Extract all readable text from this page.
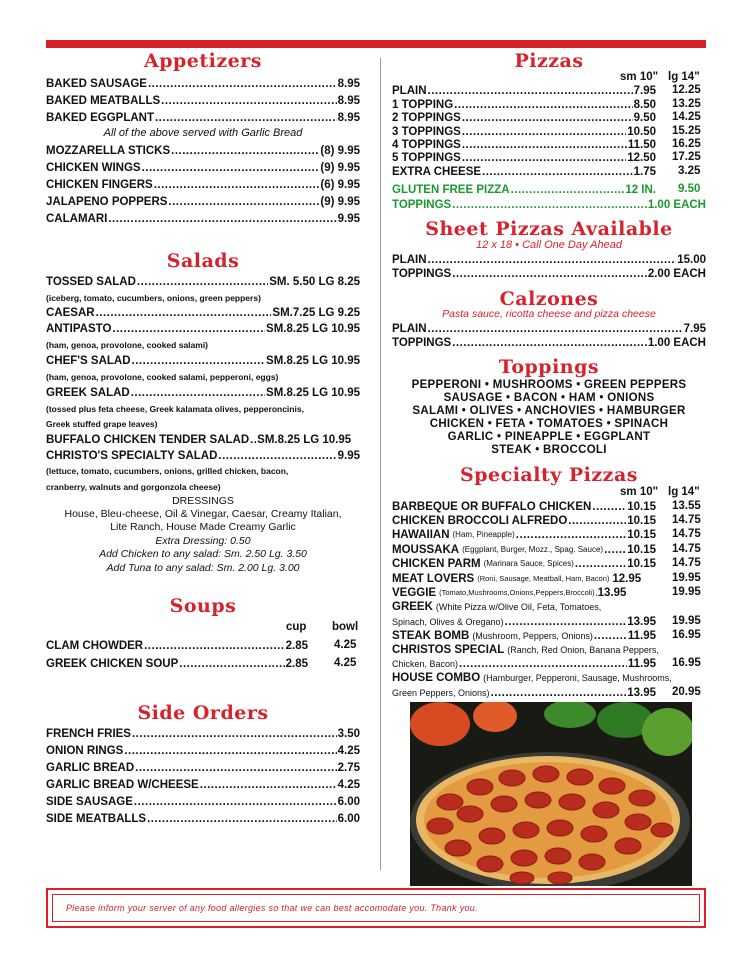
Appetizers
BAKED SAUSAGE .....	8.95
BAKED MEATBALLS .....	8.95
BAKED EGGPLANT .....	8.95
All of the above served with Garlic Bread
MOZZARELLA STICKS .....	(8) 9.95
CHICKEN WINGS .....	(9) 9.95
CHICKEN FINGERS .....	(6) 9.95
JALAPENO POPPERS .....	(9) 9.95
CALAMARI .....	9.95
Salads
TOSSED SALAD .....	SM. 5.50 LG 8.25
(iceberg, tomato, cucumbers, onions, green peppers)
CAESAR .....	SM.7.25 LG 9.25
ANTIPASTO .....	SM.8.25 LG 10.95
(ham, genoa, provolone, cooked salami)
CHEF'S SALAD .....	SM.8.25 LG 10.95
(ham, genoa, provolone, cooked salami, pepperoni, eggs)
GREEK SALAD .....	SM.8.25 LG 10.95
(tossed plus feta cheese, Greek kalamata olives, pepperoncinis,
Greek stuffed grape leaves)
BUFFALO CHICKEN TENDER SALAD ..... SM.8.25 LG 10.95
CHRISTO'S SPECIALTY SALAD .....	9.95
(lettuce, tomato, cucumbers, onions, grilled chicken, bacon,
cranberry, walnuts and gorgonzola cheese)
DRESSINGS
House, Bleu-cheese, Oil & Vinegar, Caesar, Creamy Italian,
Lite Ranch, House Made Creamy Garlic
Extra Dressing: 0.50
Add Chicken to any salad: Sm. 2.50 Lg. 3.50
Add Tuna to any salad: Sm. 2.00 Lg. 3.00
Soups
cup bowl
CLAM CHOWDER .....	2.85 4.25
GREEK CHICKEN SOUP .....	2.85 4.25
Side Orders
FRENCH FRIES .....	3.50
ONION RINGS .....	4.25
GARLIC BREAD .....	2.75
GARLIC BREAD W/CHEESE .....	4.25
SIDE SAUSAGE .....	6.00
SIDE MEATBALLS .....	6.00
Pizzas
sm 10" lg 14"
PLAIN .....	7.95 12.25
1 TOPPING .....	8.50 13.25
2 TOPPINGS .....	9.50 14.25
3 TOPPINGS .....	10.50 15.25
4 TOPPINGS .....	11.50 16.25
5 TOPPINGS .....	12.50 17.25
EXTRA CHEESE .....	1.75 3.25
GLUTEN FREE PIZZA .....	12 IN. 9.50
TOPPINGS .....	1.00 EACH
Sheet Pizzas Available
12 x 18 • Call One Day Ahead
PLAIN .....	15.00
TOPPINGS .....	2.00 EACH
Calzones
Pasta sauce, ricotta cheese and pizza cheese
PLAIN .....	7.95
TOPPINGS .....	1.00 EACH
Toppings
PEPPERONI • MUSHROOMS • GREEN PEPPERS
SAUSAGE • BACON • HAM • ONIONS
SALAMI • OLIVES • ANCHOVIES • HAMBURGER
CHICKEN • FETA • TOMATOES • SPINACH
GARLIC • PINEAPPLE • EGGPLANT
STEAK • BROCCOLI
Specialty Pizzas
sm 10" lg 14"
BARBEQUE OR BUFFALO CHICKEN .....	10.15 13.55
CHICKEN BROCCOLI ALFREDO .....	10.15 14.75
HAWAIIAN (Ham, Pineapple) .....	10.15 14.75
MOUSSAKA (Eggplant, Burger, Mozz., Spag. Sauce) ..... 10.15 14.75
CHICKEN PARM (Marinara Sauce, Spices) .....	10.15 14.75
MEAT LOVERS (Roni, Sausage, Meatball, Ham, Bacon) ..... 12.95	19.95
VEGGIE (Tomato,Mushrooms,Onions,Peppers,Broccoli) ..... 13.95	19.95
GREEK (White Pizza w/Olive Oil, Feta, Tomatoes,
Spinach, Olives & Oregano) .....	13.95 19.95
STEAK BOMB (Mushroom, Peppers, Onions) .....	11.95 16.95
CHRISTOS SPECIAL (Ranch, Red Onion, Banana Peppers,
Chicken, Bacon) .....	11.95 16.95
HOUSE COMBO (Hamburger, Pepperoni, Sausage, Mushrooms,
Green Peppers, Onions) .....	13.95 20.95
Please inform your server of any food allergies so that we can best accomodate you. Thank you.
